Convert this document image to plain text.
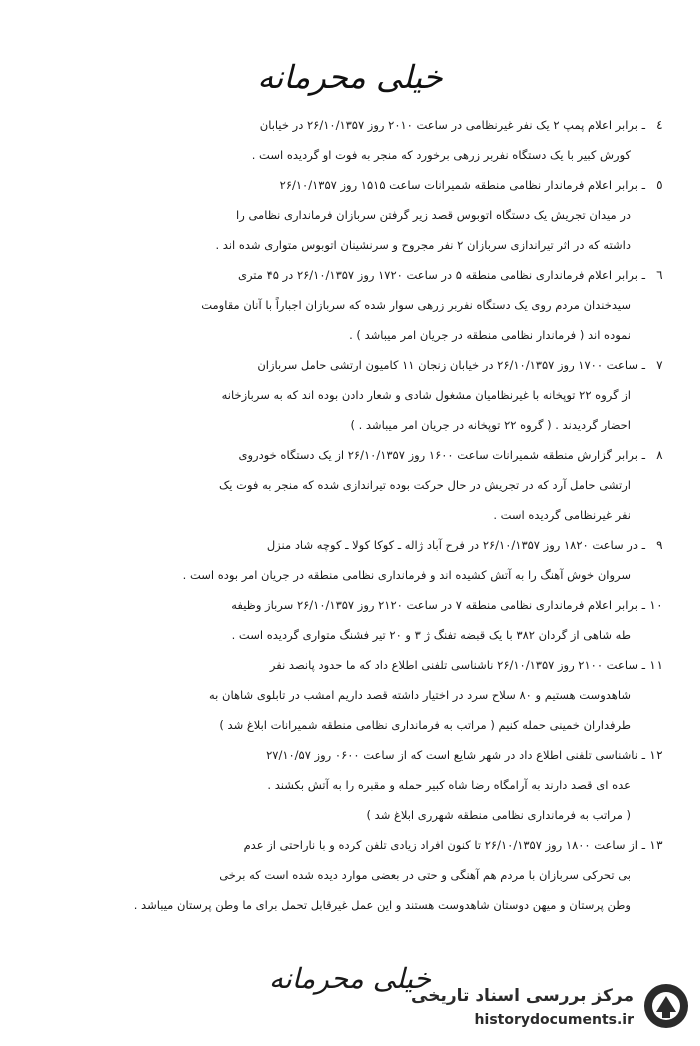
خیلی محرمانه
٤
ـ برابر اعلام پمپ ۲ یک نفر غیرنظامی در ساعت ۲۰۱۰ روز ۲۶/۱۰/۱۳۵۷ در خیابان
کورش کبیر با یک دستگاه نفربر زرهی برخورد که منجر به فوت او گردیده است .
٥
ـ برابر اعلام فرماندار نظامی منطقه شمیرانات ساعت ۱۵۱۵ روز ۲۶/۱۰/۱۳۵۷
در میدان تجریش یک دستگاه اتوبوس قصد زیر گرفتن سربازان فرمانداری نظامی را
داشته که در اثر تیراندازی سربازان ۲ نفر مجروح و سرنشینان اتوبوس متواری شده اند .
٦
ـ برابر اعلام فرمانداری نظامی منطقه ۵ در ساعت ۱۷۲۰ روز ۲۶/۱۰/۱۳۵۷ در ۴۵ متری
سیدخندان مردم روی یک دستگاه نفربر زرهی سوار شده که سربازان اجباراً با آنان مقاومت
نموده اند ( فرماندار نظامی منطقه در جریان امر میباشد ) .
٧
ـ ساعت ۱۷۰۰ روز ۲۶/۱۰/۱۳۵۷ در خیابان زنجان ۱۱ کامیون ارتشی حامل سربازان
از گروه ۲۲ توپخانه با غیرنظامیان مشغول شادی و شعار دادن بوده اند که به سربازخانه
احضار گردیدند . ( گروه ۲۲ توپخانه در جریان امر میباشد . )
٨
ـ برابر گزارش منطقه شمیرانات ساعت ۱۶۰۰ روز ۲۶/۱۰/۱۳۵۷ از یک دستگاه خودروی
ارتشی حامل آرد که در تجریش در حال حرکت بوده تیراندازی شده که منجر به فوت یک
نفر غیرنظامی گردیده است .
٩
ـ در ساعت ۱۸۲۰ روز ۲۶/۱۰/۱۳۵۷ در فرح آباد ژاله ـ کوکا کولا ـ کوچه شاد منزل
سروان خوش آهنگ را به آتش کشیده اند و فرمانداری نظامی منطقه در جریان امر بوده است .
١٠
ـ برابر اعلام فرمانداری نظامی منطقه ۷ در ساعت ۲۱۲۰ روز ۲۶/۱۰/۱۳۵۷ سرباز وظیفه
طه شاهی از گردان ۳۸۲ با یک قبضه تفنگ ژ ۳ و ۲۰ تیر فشنگ متواری گردیده است .
١١
ـ ساعت ۲۱۰۰ روز ۲۶/۱۰/۱۳۵۷ ناشناسی تلفنی اطلاع داد که ما حدود پانصد نفر
شاهدوست هستیم و ۸۰ سلاح سرد در اختیار داشته قصد داریم امشب در تابلوی شاهان به
طرفداران خمینی حمله کنیم ( مراتب به فرمانداری نظامی منطقه شمیرانات ابلاغ شد )
١٢
ـ ناشناسی تلفنی اطلاع داد در شهر شایع است که از ساعت ۰۶۰۰ روز ۲۷/۱۰/۵۷
عده ای قصد دارند به آرامگاه رضا شاه کبیر حمله و مقبره را به آتش بکشند .
( مراتب به فرمانداری نظامی منطقه شهرری ابلاغ شد )
١٣
ـ از ساعت ۱۸۰۰ روز ۲۶/۱۰/۱۳۵۷ تا کنون افراد زیادی تلفن کرده و با ناراحتی از عدم
بی تحرکی سربازان با مردم هم آهنگی و حتی در بعضی موارد دیده شده است که برخی
وطن پرستان و میهن دوستان شاهدوست هستند و این عمل غیرقابل تحمل برای ما وطن پرستان میباشد .
خیلی محرمانه
مرکز بررسی اسناد تاریخی
historydocuments.ir
